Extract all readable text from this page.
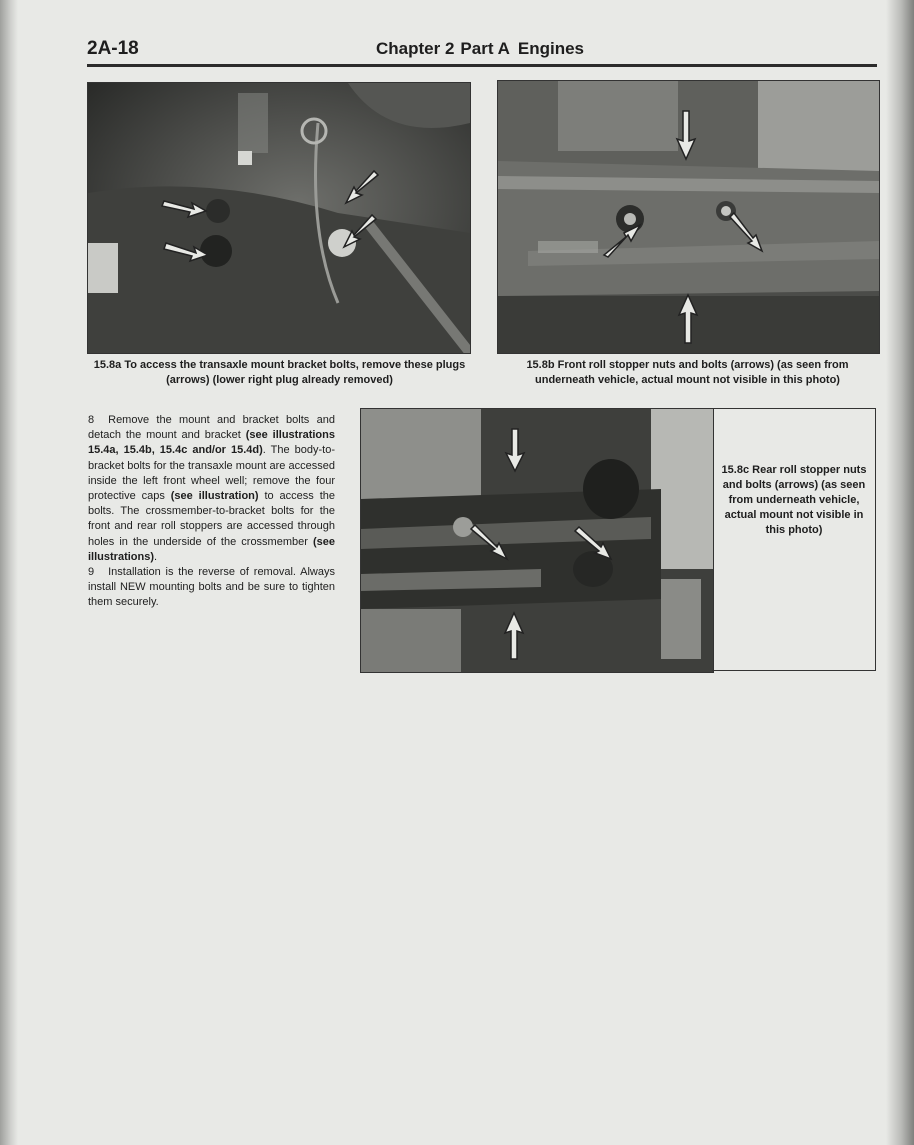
2A-18	Chapter 2 Part A Engines
15.8a To access the transaxle mount bracket bolts, remove these plugs (arrows) (lower right plug already removed)
15.8b Front roll stopper nuts and bolts (arrows) (as seen from underneath vehicle, actual mount not visible in this photo)
15.8c Rear roll stopper nuts and bolts (arrows) (as seen from underneath vehicle, actual mount not visible in this photo)

8 Remove the mount and bracket bolts and detach the mount and bracket (see illustrations 15.4a, 15.4b, 15.4c and/or 15.4d). The body-to-bracket bolts for the transaxle mount are accessed inside the left front wheel well; remove the four protective caps (see illustration) to access the bolts. The crossmember-to-bracket bolts for the front and rear roll stoppers are accessed through holes in the underside of the crossmember (see illustrations).

9 Installation is the reverse of removal. Always install NEW mounting bolts and be sure to tighten them securely.
